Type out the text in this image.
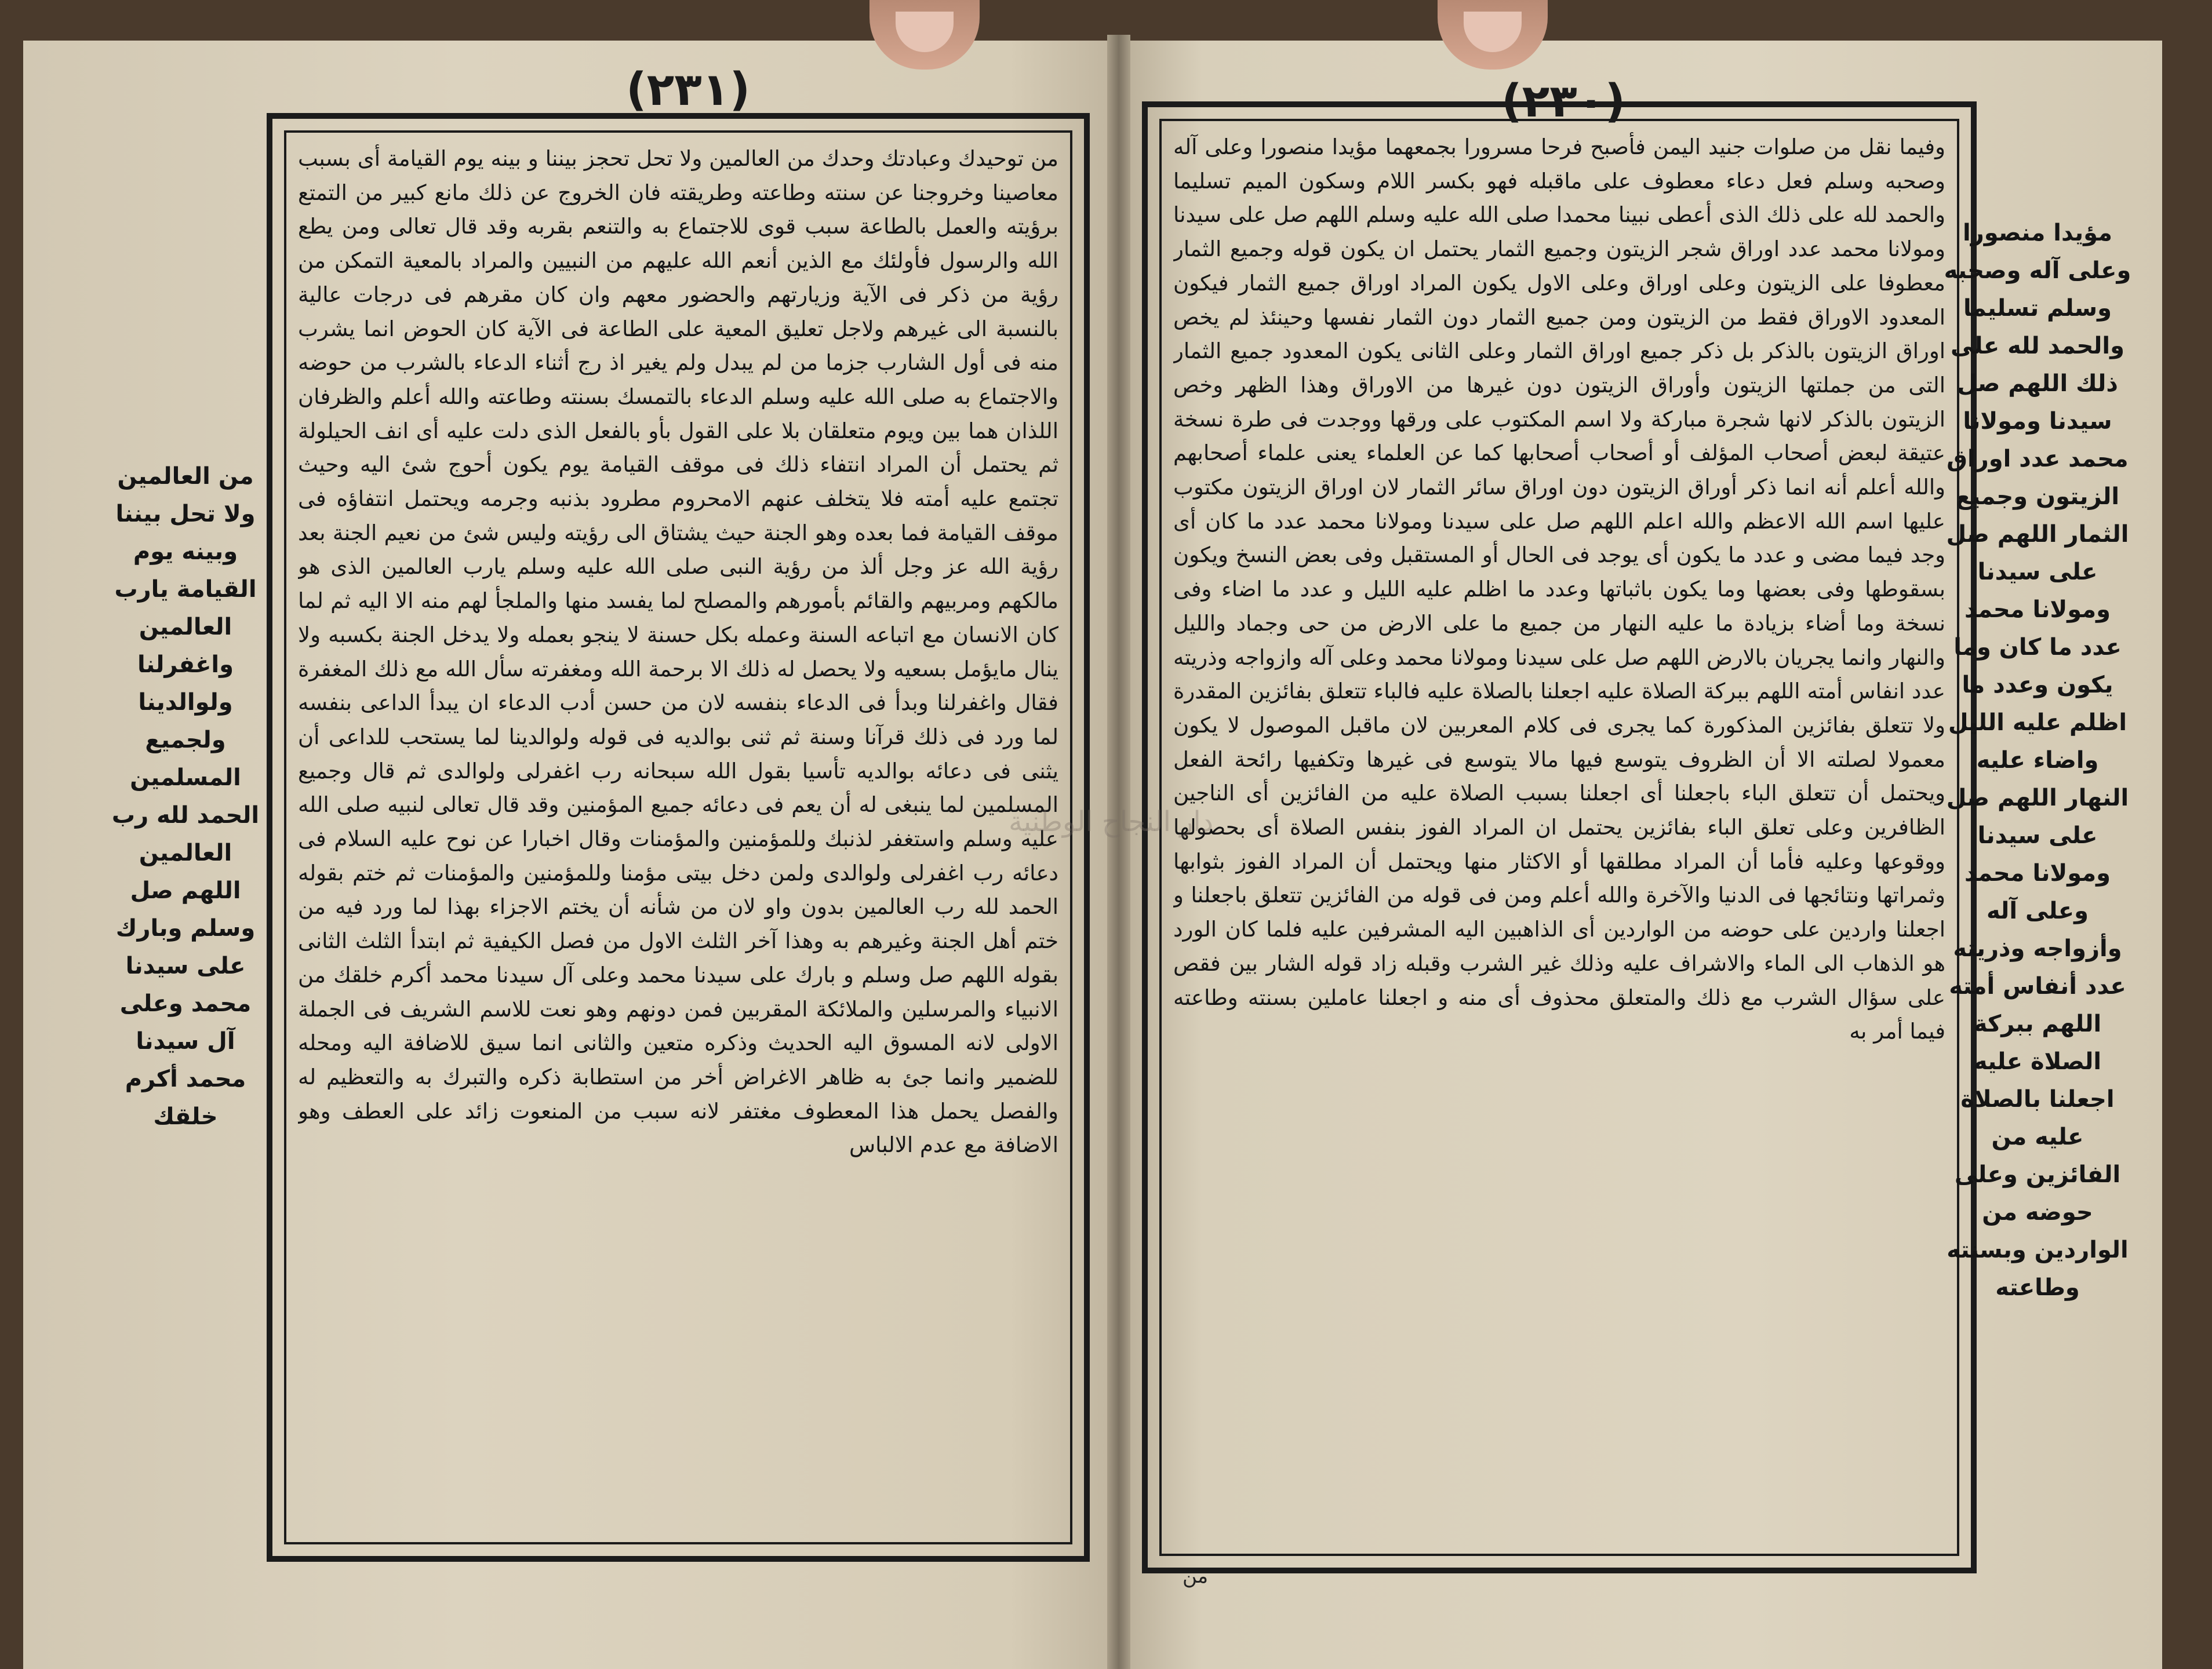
(٢٣١)

من توحيدك وعبادتك وحدك من العالمين ولا تحل تحجز بيننا و بينه يوم القيامة أى بسبب معاصينا وخروجنا عن سنته وطاعته وطريقته فان الخروج عن ذلك مانع كبير من التمتع برؤيته والعمل بالطاعة سبب قوى للاجتماع به والتنعم بقربه وقد قال تعالى ومن يطع الله والرسول فأولئك مع الذين أنعم الله عليهم من النبيين والمراد بالمعية التمكن من رؤية من ذكر فى الآية وزيارتهم والحضور معهم وان كان مقرهم فى درجات عالية بالنسبة الى غيرهم ولاجل تعليق المعية على الطاعة فى الآية كان الحوض انما يشرب منه فى أول الشارب جزما من لم يبدل ولم يغير اذ رج أثناء الدعاء بالشرب من حوضه والاجتماع به صلى الله عليه وسلم الدعاء بالتمسك بسنته وطاعته والله أعلم والظرفان اللذان هما بين ويوم متعلقان بلا على القول بأو بالفعل الذى دلت عليه أى انف الحيلولة ثم يحتمل أن المراد انتفاء ذلك فى موقف القيامة يوم يكون أحوج شئ اليه وحيث تجتمع عليه أمته فلا يتخلف عنهم الامحروم مطرود بذنبه وجرمه ويحتمل انتفاؤه فى موقف القيامة فما بعده وهو الجنة حيث يشتاق الى رؤيته وليس شئ من نعيم الجنة بعد رؤية الله عز وجل ألذ من رؤية النبى صلى الله عليه وسلم يارب العالمين الذى هو مالكهم ومربيهم والقائم بأمورهم والمصلح لما يفسد منها والملجأ لهم منه الا اليه ثم لما كان الانسان مع اتباعه السنة وعمله بكل حسنة لا ينجو بعمله ولا يدخل الجنة بكسبه ولا ينال مايؤمل بسعيه ولا يحصل له ذلك الا برحمة الله ومغفرته سأل الله مع ذلك المغفرة فقال واغفرلنا وبدأ فى الدعاء بنفسه لان من حسن أدب الدعاء ان يبدأ الداعى بنفسه لما ورد فى ذلك قرآنا وسنة ثم ثنى بوالديه فى قوله ولوالدينا لما يستحب للداعى أن يثنى فى دعائه بوالديه تأسيا بقول الله سبحانه رب اغفرلى ولوالدى ثم قال وجميع المسلمين لما ينبغى له أن يعم فى دعائه جميع المؤمنين وقد قال تعالى لنبيه صلى الله عليه وسلم واستغفر لذنبك وللمؤمنين والمؤمنات وقال اخبارا عن نوح عليه السلام فى دعائه رب اغفرلى ولوالدى ولمن دخل بيتى مؤمنا وللمؤمنين والمؤمنات ثم ختم بقوله الحمد لله رب العالمين بدون واو لان من شأنه أن يختم الاجزاء بهذا لما ورد فيه من ختم أهل الجنة وغيرهم به وهذا آخر الثلث الاول من فصل الكيفية ثم ابتدأ الثلث الثانى بقوله اللهم صل وسلم و بارك على سيدنا محمد وعلى آل سيدنا محمد أكرم خلقك من الانبياء والمرسلين والملائكة المقربين فمن دونهم وهو نعت للاسم الشريف فى الجملة الاولى لانه المسوق اليه الحديث وذكره متعين والثانى انما سيق للاضافة اليه ومحله للضمير وانما جئ به ظاهر الاغراض أخر من استطابة ذكره والتبرك به والتعظيم له والفصل يحمل هذا المعطوف مغتفر لانه سبب من المنعوت زائد على العطف وهو الاضافة مع عدم الالباس

من العالمين ولا تحل بيننا وبينه يوم القيامة يارب العالمين واغفرلنا ولوالدينا ولجميع المسلمين الحمد لله رب العالمين اللهم صل وسلم وبارك على سيدنا محمد وعلى آل سيدنا محمد أكرم خلقك
(٢٣٠)

وفيما نقل من صلوات جنيد اليمن فأصبح فرحا مسرورا بجمعهما مؤيدا منصورا وعلى آله وصحبه وسلم فعل دعاء معطوف على ماقبله فهو بكسر اللام وسكون الميم تسليما والحمد لله على ذلك الذى أعطى نبينا محمدا صلى الله عليه وسلم اللهم صل على سيدنا ومولانا محمد عدد اوراق شجر الزيتون وجميع الثمار يحتمل ان يكون قوله وجميع الثمار معطوفا على الزيتون وعلى اوراق وعلى الاول يكون المراد اوراق جميع الثمار فيكون المعدود الاوراق فقط من الزيتون ومن جميع الثمار دون الثمار نفسها وحينئذ لم يخص اوراق الزيتون بالذكر بل ذكر جميع اوراق الثمار وعلى الثانى يكون المعدود جميع الثمار التى من جملتها الزيتون وأوراق الزيتون دون غيرها من الاوراق وهذا الظهر وخص الزيتون بالذكر لانها شجرة مباركة ولا اسم المكتوب على ورقها ووجدت فى طرة نسخة عتيقة لبعض أصحاب المؤلف أو أصحاب أصحابها كما عن العلماء يعنى علماء أصحابهم والله أعلم أنه انما ذكر أوراق الزيتون دون اوراق سائر الثمار لان اوراق الزيتون مكتوب عليها اسم الله الاعظم والله اعلم اللهم صل على سيدنا ومولانا محمد عدد ما كان أى وجد فيما مضى و عدد ما يكون أى يوجد فى الحال أو المستقبل وفى بعض النسخ ويكون بسقوطها وفى بعضها وما يكون باثباتها وعدد ما اظلم عليه الليل و عدد ما اضاء وفى نسخة وما أضاء بزيادة ما عليه النهار من جميع ما على الارض من حى وجماد والليل والنهار وانما يجريان بالارض اللهم صل على سيدنا ومولانا محمد وعلى آله وازواجه وذريته عدد انفاس أمته اللهم ببركة الصلاة عليه اجعلنا بالصلاة عليه فالباء تتعلق بفائزين المقدرة ولا تتعلق بفائزين المذكورة كما يجرى فى كلام المعربين لان ماقبل الموصول لا يكون معمولا لصلته الا أن الظروف يتوسع فيها مالا يتوسع فى غيرها وتكفيها رائحة الفعل ويحتمل أن تتعلق الباء باجعلنا أى اجعلنا بسبب الصلاة عليه من الفائزين أى الناجين الظافرين وعلى تعلق الباء بفائزين يحتمل ان المراد الفوز بنفس الصلاة أى بحصولها ووقوعها وعليه فأما أن المراد مطلقها أو الاكثار منها ويحتمل أن المراد الفوز بثوابها وثمراتها ونتائجها فى الدنيا والآخرة والله أعلم ومن فى قوله من الفائزين تتعلق باجعلنا و اجعلنا واردين على حوضه من الواردين أى الذاهبين اليه المشرفين عليه فلما كان الورد هو الذهاب الى الماء والاشراف عليه وذلك غير الشرب وقبله زاد قوله الشار بين فقص على سؤال الشرب مع ذلك والمتعلق محذوف أى منه و اجعلنا عاملين بسنته وطاعته فيما أمر به

مؤيدا منصورا وعلى آله وصحبه وسلم تسليما والحمد لله على ذلك اللهم صل سيدنا ومولانا محمد عدد اوراق الزيتون وجميع الثمار اللهم صل على سيدنا ومولانا محمد عدد ما كان وما يكون وعدد ما اظلم عليه الليل واضاء عليه النهار اللهم صل على سيدنا ومولانا محمد وعلى آله وأزواجه وذريته عدد أنفاس أمته اللهم ببركة الصلاة عليه اجعلنا بالصلاة عليه من الفائزين وعلى حوضه من الواردين وبسنته وطاعته
من
دار النجاح الوطنية
